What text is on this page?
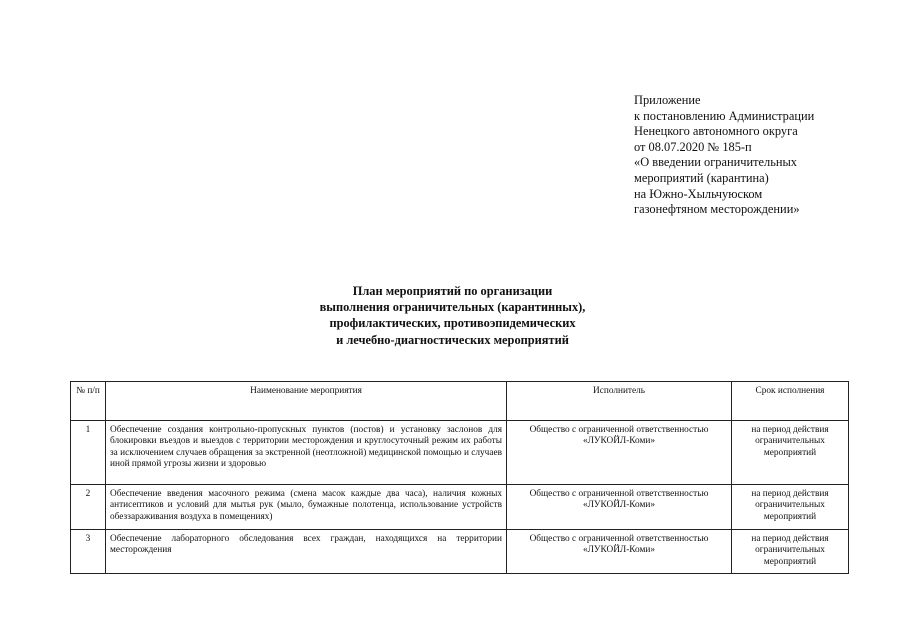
Приложение
к постановлению Администрации
Ненецкого автономного округа
от 08.07.2020 № 185-п
«О введении ограничительных
мероприятий (карантина)
на Южно-Хыльчуюском
газонефтяном месторождении»
План мероприятий по организации
выполнения ограничительных (карантинных),
профилактических, противоэпидемических
и лечебно-диагностических мероприятий
№ п/п	Наименование мероприятия	Исполнитель	Срок исполнения
1	Обеспечение создания контрольно-пропускных пунктов (постов) и установку заслонов для блокировки въездов и выездов с территории месторождения и круглосуточный режим их работы за исключением случаев обращения за экстренной (неотложной) медицинской помощью и случаев иной прямой угрозы жизни и здоровью	Общество с ограниченной ответственностью «ЛУКОЙЛ-Коми»	на период действия ограничительных мероприятий
2	Обеспечение введения масочного режима (смена масок каждые два часа), наличия кожных антисептиков и условий для мытья рук (мыло, бумажные полотенца, использование устройств обеззараживания воздуха в помещениях)	Общество с ограниченной ответственностью «ЛУКОЙЛ-Коми»	на период действия ограничительных мероприятий
3	Обеспечение лабораторного обследования всех граждан, находящихся на территории месторождения	Общество с ограниченной ответственностью «ЛУКОЙЛ-Коми»	на период действия ограничительных мероприятий
